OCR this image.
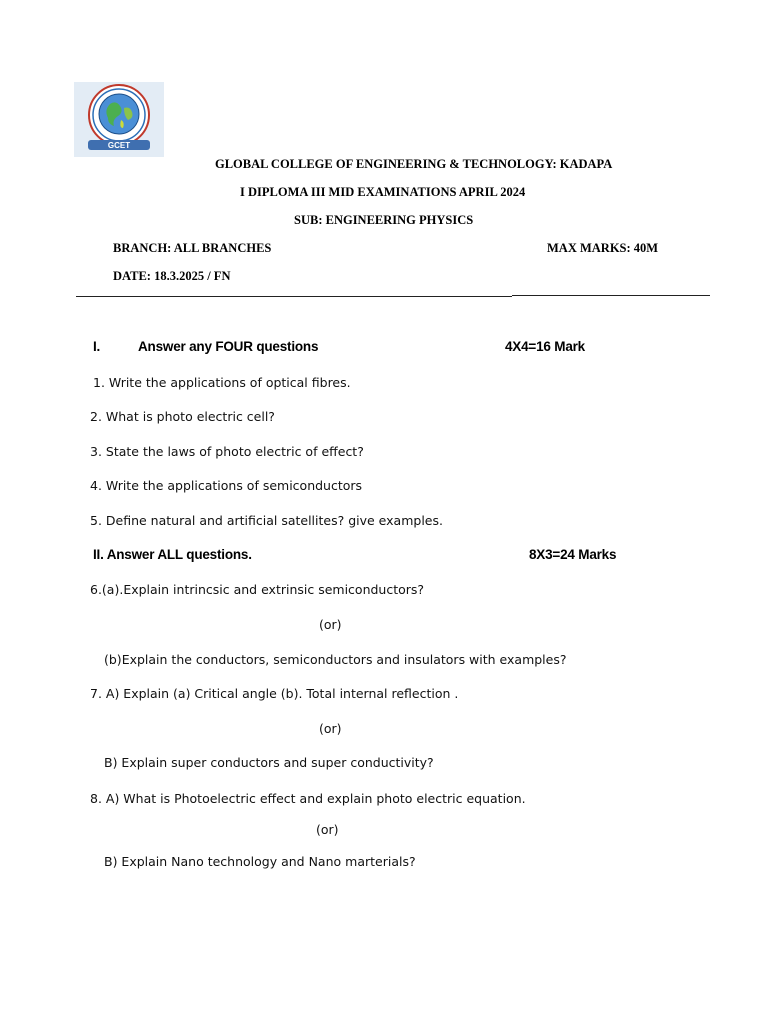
GCET
GLOBAL COLLEGE OF ENGINEERING & TECHNOLOGY: KADAPA
I DIPLOMA III MID EXAMINATIONS APRIL 2024
SUB: ENGINEERING PHYSICS
BRANCH: ALL BRANCHES	MAX MARKS: 40M
DATE: 18.3.2025 / FN
I.	Answer any FOUR questions	4X4=16 Mark
1. Write the applications of optical fibres.
2. What is photo electric cell?
3. State the laws of photo electric of effect?
4. Write the applications of semiconductors
5. Define natural and artificial satellites? give examples.
II. Answer ALL questions.	8X3=24 Marks
6.(a).Explain intrincsic and extrinsic semiconductors?
(or)
(b)Explain the conductors, semiconductors and insulators with examples?
7. A) Explain (a) Critical angle (b). Total internal reflection .
(or)
B) Explain super conductors and super conductivity?
8. A) What is Photoelectric effect and explain photo electric equation.
(or)
B) Explain Nano technology and Nano marterials?
